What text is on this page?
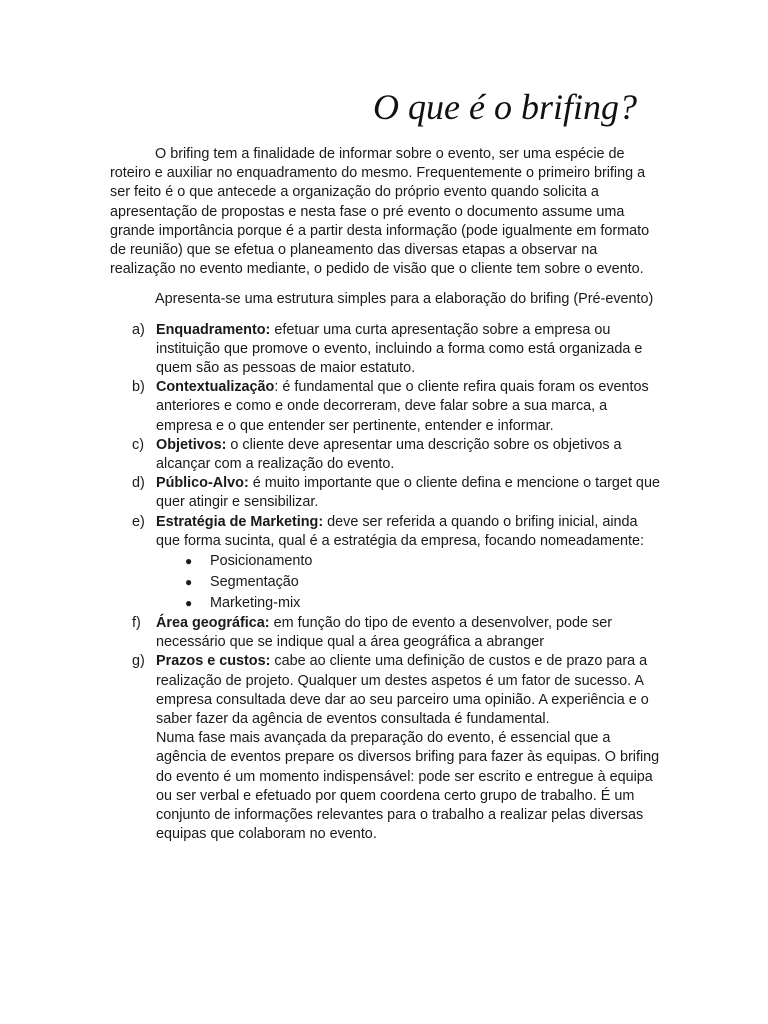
O que é o brifing?

O brifing tem a finalidade de informar sobre o evento, ser uma espécie de roteiro e auxiliar no enquadramento do mesmo. Frequentemente o primeiro brifing a ser feito é o que antecede a organização do próprio evento quando solicita a apresentação de propostas e nesta fase o pré evento o documento assume uma grande importância porque é a partir desta informação (pode igualmente em formato de reunião) que se efetua o planeamento das diversas etapas a observar na realização no evento mediante, o pedido de visão que o cliente tem sobre o evento.

Apresenta-se uma estrutura simples para a elaboração do brifing (Pré-evento)

a) Enquadramento: efetuar uma curta apresentação sobre a empresa ou instituição que promove o evento, incluindo a forma como está organizada e quem são as pessoas de maior estatuto.
b) Contextualização: é fundamental que o cliente refira quais foram os eventos anteriores e como e onde decorreram, deve falar sobre a sua marca, a empresa e o que entender ser pertinente, entender e informar.
c) Objetivos: o cliente deve apresentar uma descrição sobre os objetivos a alcançar com a realização do evento.
d) Público-Alvo: é muito importante que o cliente defina e mencione o target que quer atingir e sensibilizar.
e) Estratégia de Marketing: deve ser referida a quando o brifing inicial, ainda que forma sucinta, qual é a estratégia da empresa, focando nomeadamente:
● Posicionamento
● Segmentação
● Marketing-mix
f) Área geográfica: em função do tipo de evento a desenvolver, pode ser necessário que se indique qual a área geográfica a abranger
g) Prazos e custos: cabe ao cliente uma definição de custos e de prazo para a realização de projeto. Qualquer um destes aspetos é um fator de sucesso. A empresa consultada deve dar ao seu parceiro uma opinião. A experiência e o saber fazer da agência de eventos consultada é fundamental.

Numa fase mais avançada da preparação do evento, é essencial que a agência de eventos prepare os diversos brifing para fazer às equipas. O brifing do evento é um momento indispensável: pode ser escrito e entregue à equipa ou ser verbal e efetuado por quem coordena certo grupo de trabalho. É um conjunto de informações relevantes para o trabalho a realizar pelas diversas equipas que colaboram no evento.
